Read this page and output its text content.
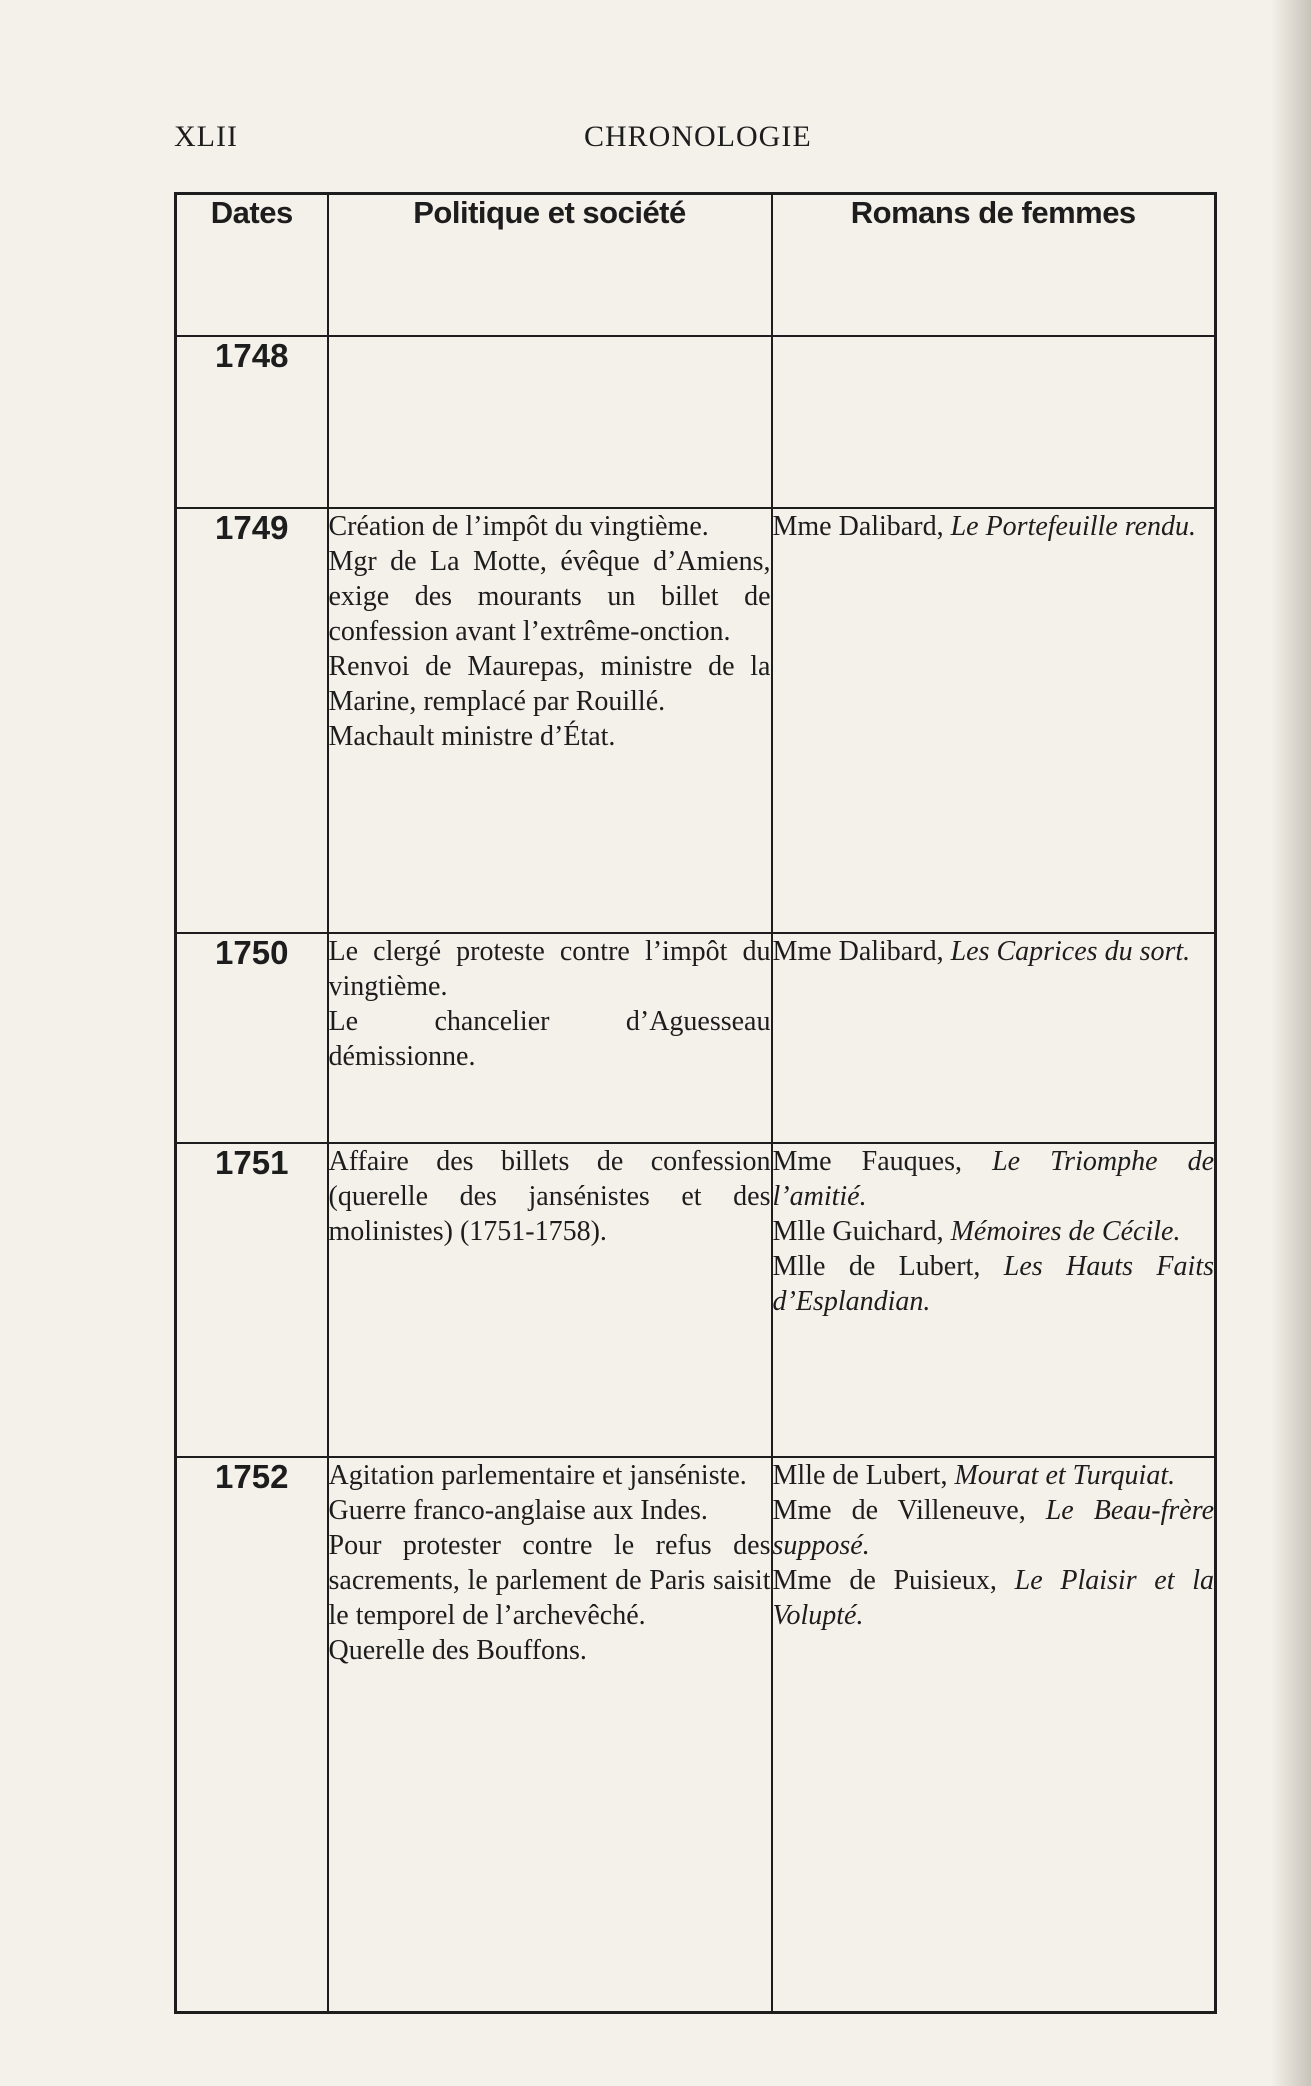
XLII	CHRONOLOGIE
Dates	Politique et société	Romans de femmes
1748		
1749	Création de l’impôt du vingtième.
Mgr de La Motte, évêque d’Amiens, exige des mourants un billet de confession avant l’extrême-onction.
Renvoi de Maurepas, ministre de la Marine, remplacé par Rouillé.
Machault ministre d’État.	Mme Dalibard, Le Portefeuille rendu.

1750	Le clergé proteste contre l’impôt du vingtième.
Le chancelier d’Aguesseau démissionne.	Mme Dalibard, Les Caprices du sort.

1751	Affaire des billets de confession (querelle des jansénistes et des molinistes) (1751-1758).	Mme Fauques, Le Triomphe de l’amitié.
Mlle Guichard, Mémoires de Cécile.
Mlle de Lubert, Les Hauts Faits d’Esplandian.

1752	Agitation parlementaire et janséniste.
Guerre franco-anglaise aux Indes.
Pour protester contre le refus des sacrements, le parlement de Paris saisit le temporel de l’archevêché.
Querelle des Bouffons.	Mlle de Lubert, Mourat et Turquiat.
Mme de Villeneuve, Le Beau-frère supposé.
Mme de Puisieux, Le Plaisir et la Volupté.
